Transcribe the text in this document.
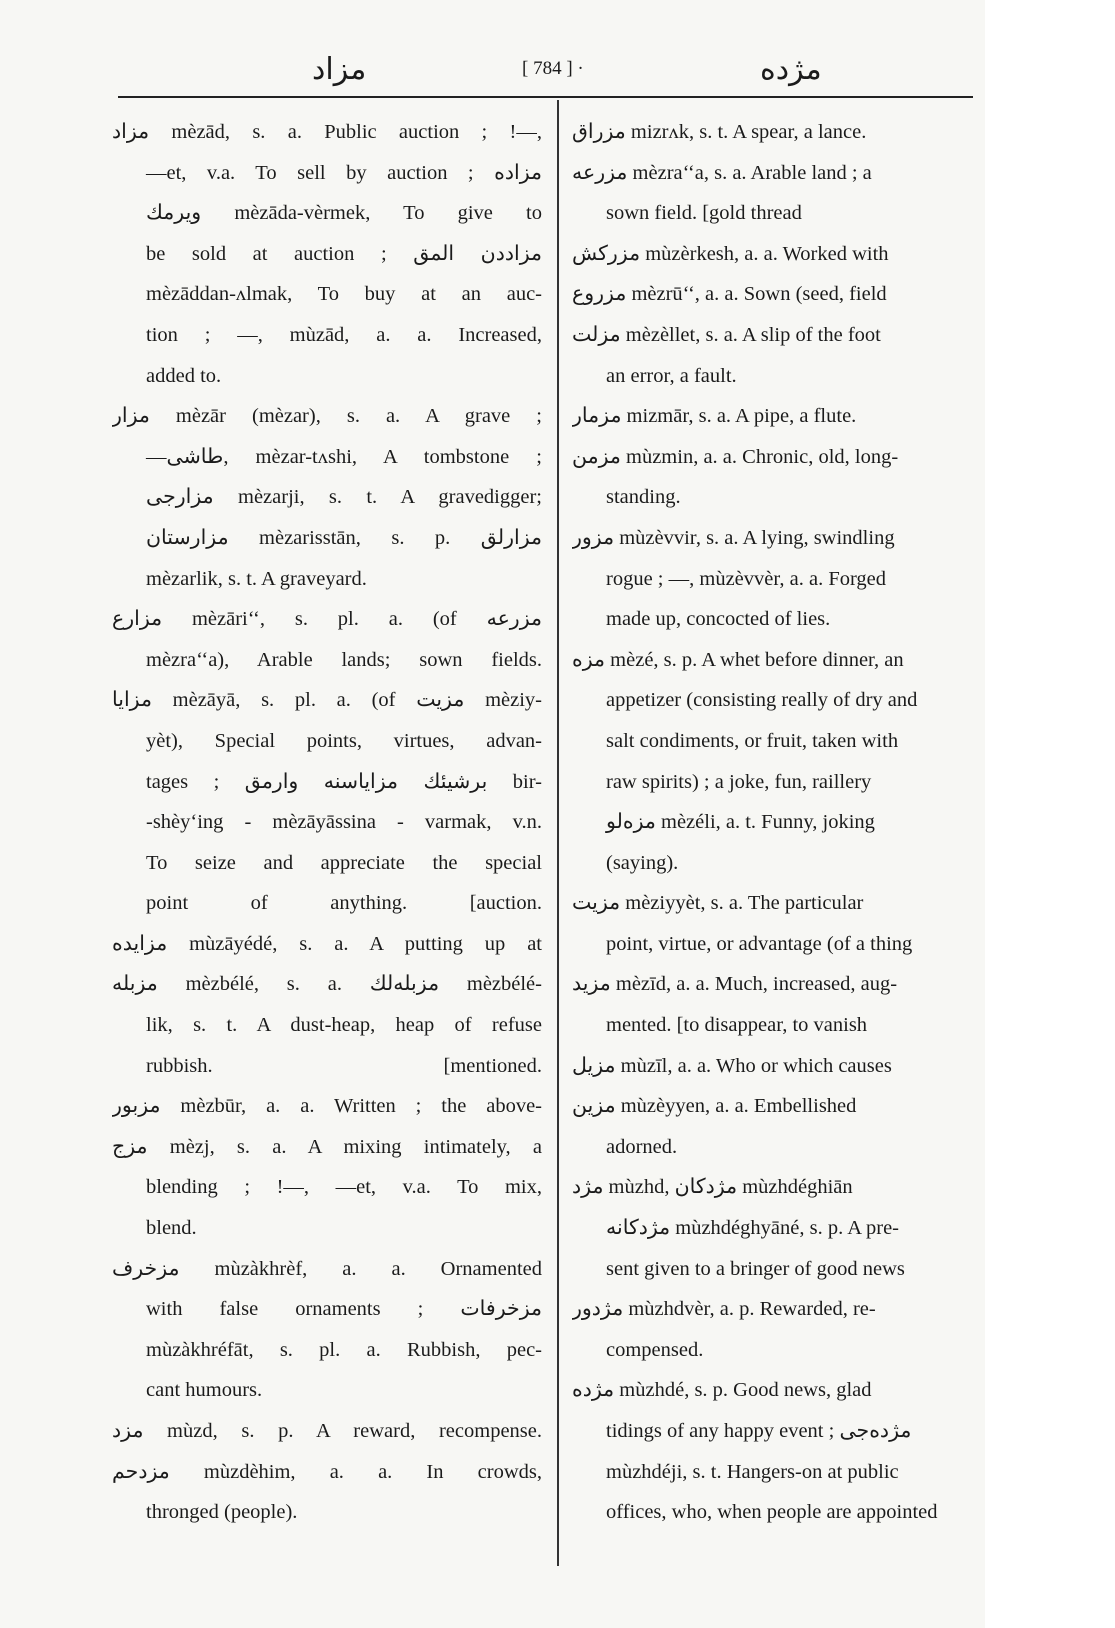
مزاد	[ 784 ] ·	مژده
مزاد mèzād, s. a. Public auction ; !—,
—et, v.a. To sell by auction ; مزاده
ويرمك mèzāda-vèrmek, To give to
be sold at auction ; مزاددن المق
mèzāddan-ʌlmak, To buy at an auc-
tion ; —, mùzād, a. a. Increased,
added to.
مزار mèzār (mèzar), s. a. A grave ;
—طاشى, mèzar-tʌshi, A tombstone ;
مزارجى mèzarji, s. t. A gravedigger;
مزارستان mèzarisstān, s. p. مزارلق
mèzarlik, s. t. A graveyard.
مزارع mèzāri‘‘, s. pl. a. (of مزرعه
mèzra‘‘a), Arable lands; sown fields.
مزايا mèzāyā, s. pl. a. (of مزيت mèziy-
yèt), Special points, virtues, advan-
tages ; برشيئك مزاياسنه وارمق bir-
-shèy‘ing - mèzāyāssina - varmak, v.n.
To seize and appreciate the special
point of anything. [auction.
مزايده mùzāyédé, s. a. A putting up at
مزبله mèzbélé, s. a. مزبلەلك mèzbélé-
lik, s. t. A dust-heap, heap of refuse
rubbish. [mentioned.
مزبور mèzbūr, a. a. Written ; the above-
مزج mèzj, s. a. A mixing intimately, a
blending ; !—, —et, v.a. To mix,
blend.
مزخرف mùzàkhrèf, a. a. Ornamented
with false ornaments ; مزخرفات
mùzàkhréfāt, s. pl. a. Rubbish, pec-
cant humours.
مزد mùzd, s. p. A reward, recompense.
مزدحم mùzdèhim, a. a. In crowds,
thronged (people).
مزراق mizrʌk, s. t. A spear, a lance.
مزرعه mèzra‘‘a, s. a. Arable land ; a
sown field. [gold thread
مزركش mùzèrkesh, a. a. Worked with
مزروع mèzrū‘‘, a. a. Sown (seed, field
مزلت mèzèllet, s. a. A slip of the foot
an error, a fault.
مزمار mizmār, s. a. A pipe, a flute.
مزمن mùzmin, a. a. Chronic, old, long-
standing.
مزور mùzèvvir, s. a. A lying, swindling
rogue ; —, mùzèvvèr, a. a. Forged
made up, concocted of lies.
مزه mèzé, s. p. A whet before dinner, an
appetizer (consisting really of dry and
salt condiments, or fruit, taken with
raw spirits) ; a joke, fun, raillery
مزەلو mèzéli, a. t. Funny, joking
(saying).
مزيت mèziyyèt, s. a. The particular
point, virtue, or advantage (of a thing
مزيد mèzīd, a. a. Much, increased, aug-
mented. [to disappear, to vanish
مزيل mùzīl, a. a. Who or which causes
مزين mùzèyyen, a. a. Embellished
adorned.
مژد mùzhd, مژدكان mùzhdéghiān
مژدكانه mùzhdéghyāné, s. p. A pre-
sent given to a bringer of good news
مژدور mùzhdvèr, a. p. Rewarded, re-
compensed.
مژده mùzhdé, s. p. Good news, glad
tidings of any happy event ; مژدەجى
mùzhdéji, s. t. Hangers-on at public
offices, who, when people are appointed
